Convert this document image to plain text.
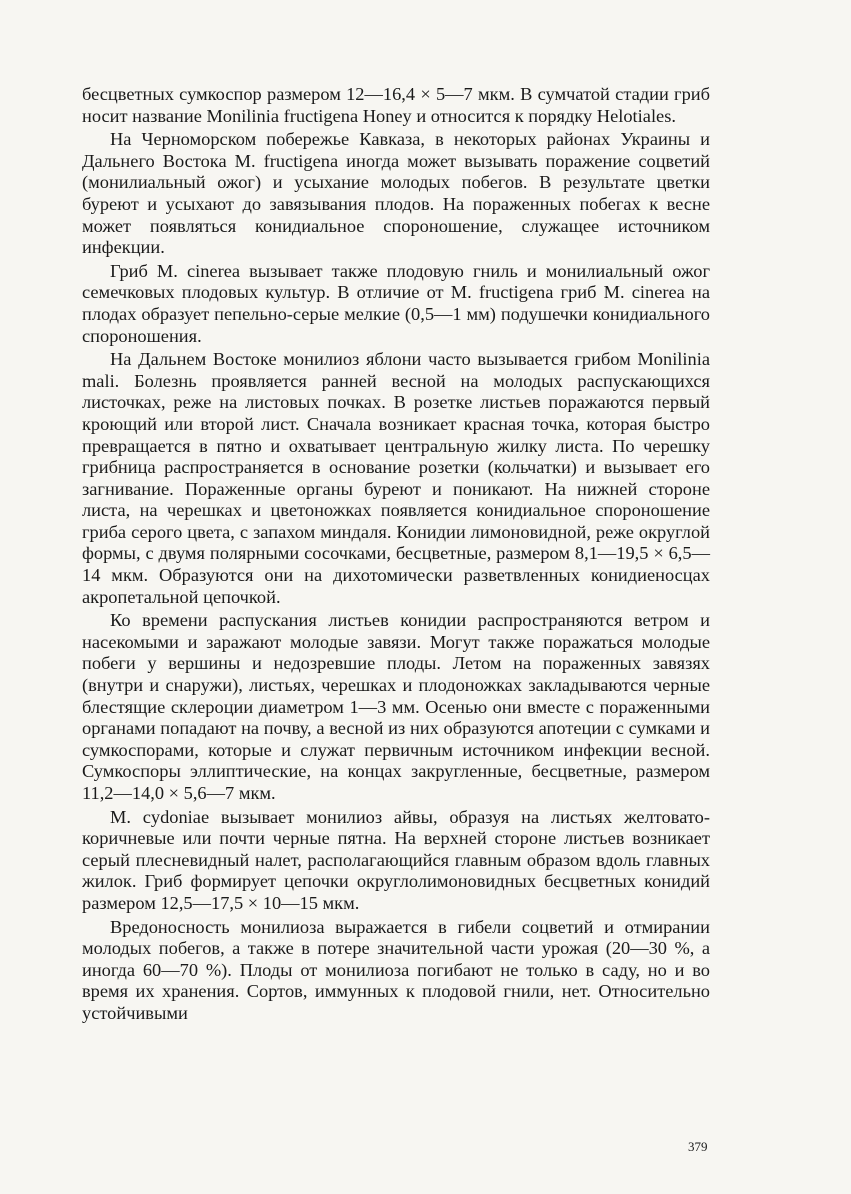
бесцветных сумкоспор размером 12—16,4 × 5—7 мкм. В сумчатой стадии гриб носит название Monilinia fructigena Honey и относится к порядку Helotiales.

На Черноморском побережье Кавказа, в некоторых районах Украины и Дальнего Востока M. fructigena иногда может вызывать поражение соцветий (монилиальный ожог) и усыхание молодых побегов. В результате цветки буреют и усыхают до завязывания плодов. На пораженных побегах к весне может появляться конидиальное спороношение, служащее источником инфекции.

Гриб M. cinerea вызывает также плодовую гниль и монилиальный ожог семечковых плодовых культур. В отличие от M. fructigena гриб M. cinerea на плодах образует пепельно-серые мелкие (0,5—1 мм) подушечки конидиального спороношения.

На Дальнем Востоке монилиоз яблони часто вызывается грибом Monilinia mali. Болезнь проявляется ранней весной на молодых распускающихся листочках, реже на листовых почках. В розетке листьев поражаются первый кроющий или второй лист. Сначала возникает красная точка, которая быстро превращается в пятно и охватывает центральную жилку листа. По черешку грибница распространяется в основание розетки (кольчатки) и вызывает его загнивание. Пораженные органы буреют и поникают. На нижней стороне листа, на черешках и цветоножках появляется конидиальное спороношение гриба серого цвета, с запахом миндаля. Конидии лимоновидной, реже округлой формы, с двумя полярными сосочками, бесцветные, размером 8,1—19,5 × 6,5—14 мкм. Образуются они на дихотомически разветвленных конидиеносцах акропетальной цепочкой.

Ко времени распускания листьев конидии распространяются ветром и насекомыми и заражают молодые завязи. Могут также поражаться молодые побеги у вершины и недозревшие плоды. Летом на пораженных завязях (внутри и снаружи), листьях, черешках и плодоножках закладываются черные блестящие склероции диаметром 1—3 мм. Осенью они вместе с пораженными органами попадают на почву, а весной из них образуются апотеции с сумками и сумкоспорами, которые и служат первичным источником инфекции весной. Сумкоспоры эллиптические, на концах закругленные, бесцветные, размером 11,2—14,0 × 5,6—7 мкм.

M. cydoniae вызывает монилиоз айвы, образуя на листьях желтовато-коричневые или почти черные пятна. На верхней стороне листьев возникает серый плесневидный налет, располагающийся главным образом вдоль главных жилок. Гриб формирует цепочки округлолимоновидных бесцветных конидий размером 12,5—17,5 × 10—15 мкм.

Вредоносность монилиоза выражается в гибели соцветий и отмирании молодых побегов, а также в потере значительной части урожая (20—30 %, а иногда 60—70 %). Плоды от монилиоза погибают не только в саду, но и во время их хранения. Сортов, иммунных к плодовой гнили, нет. Относительно устойчивыми

379
